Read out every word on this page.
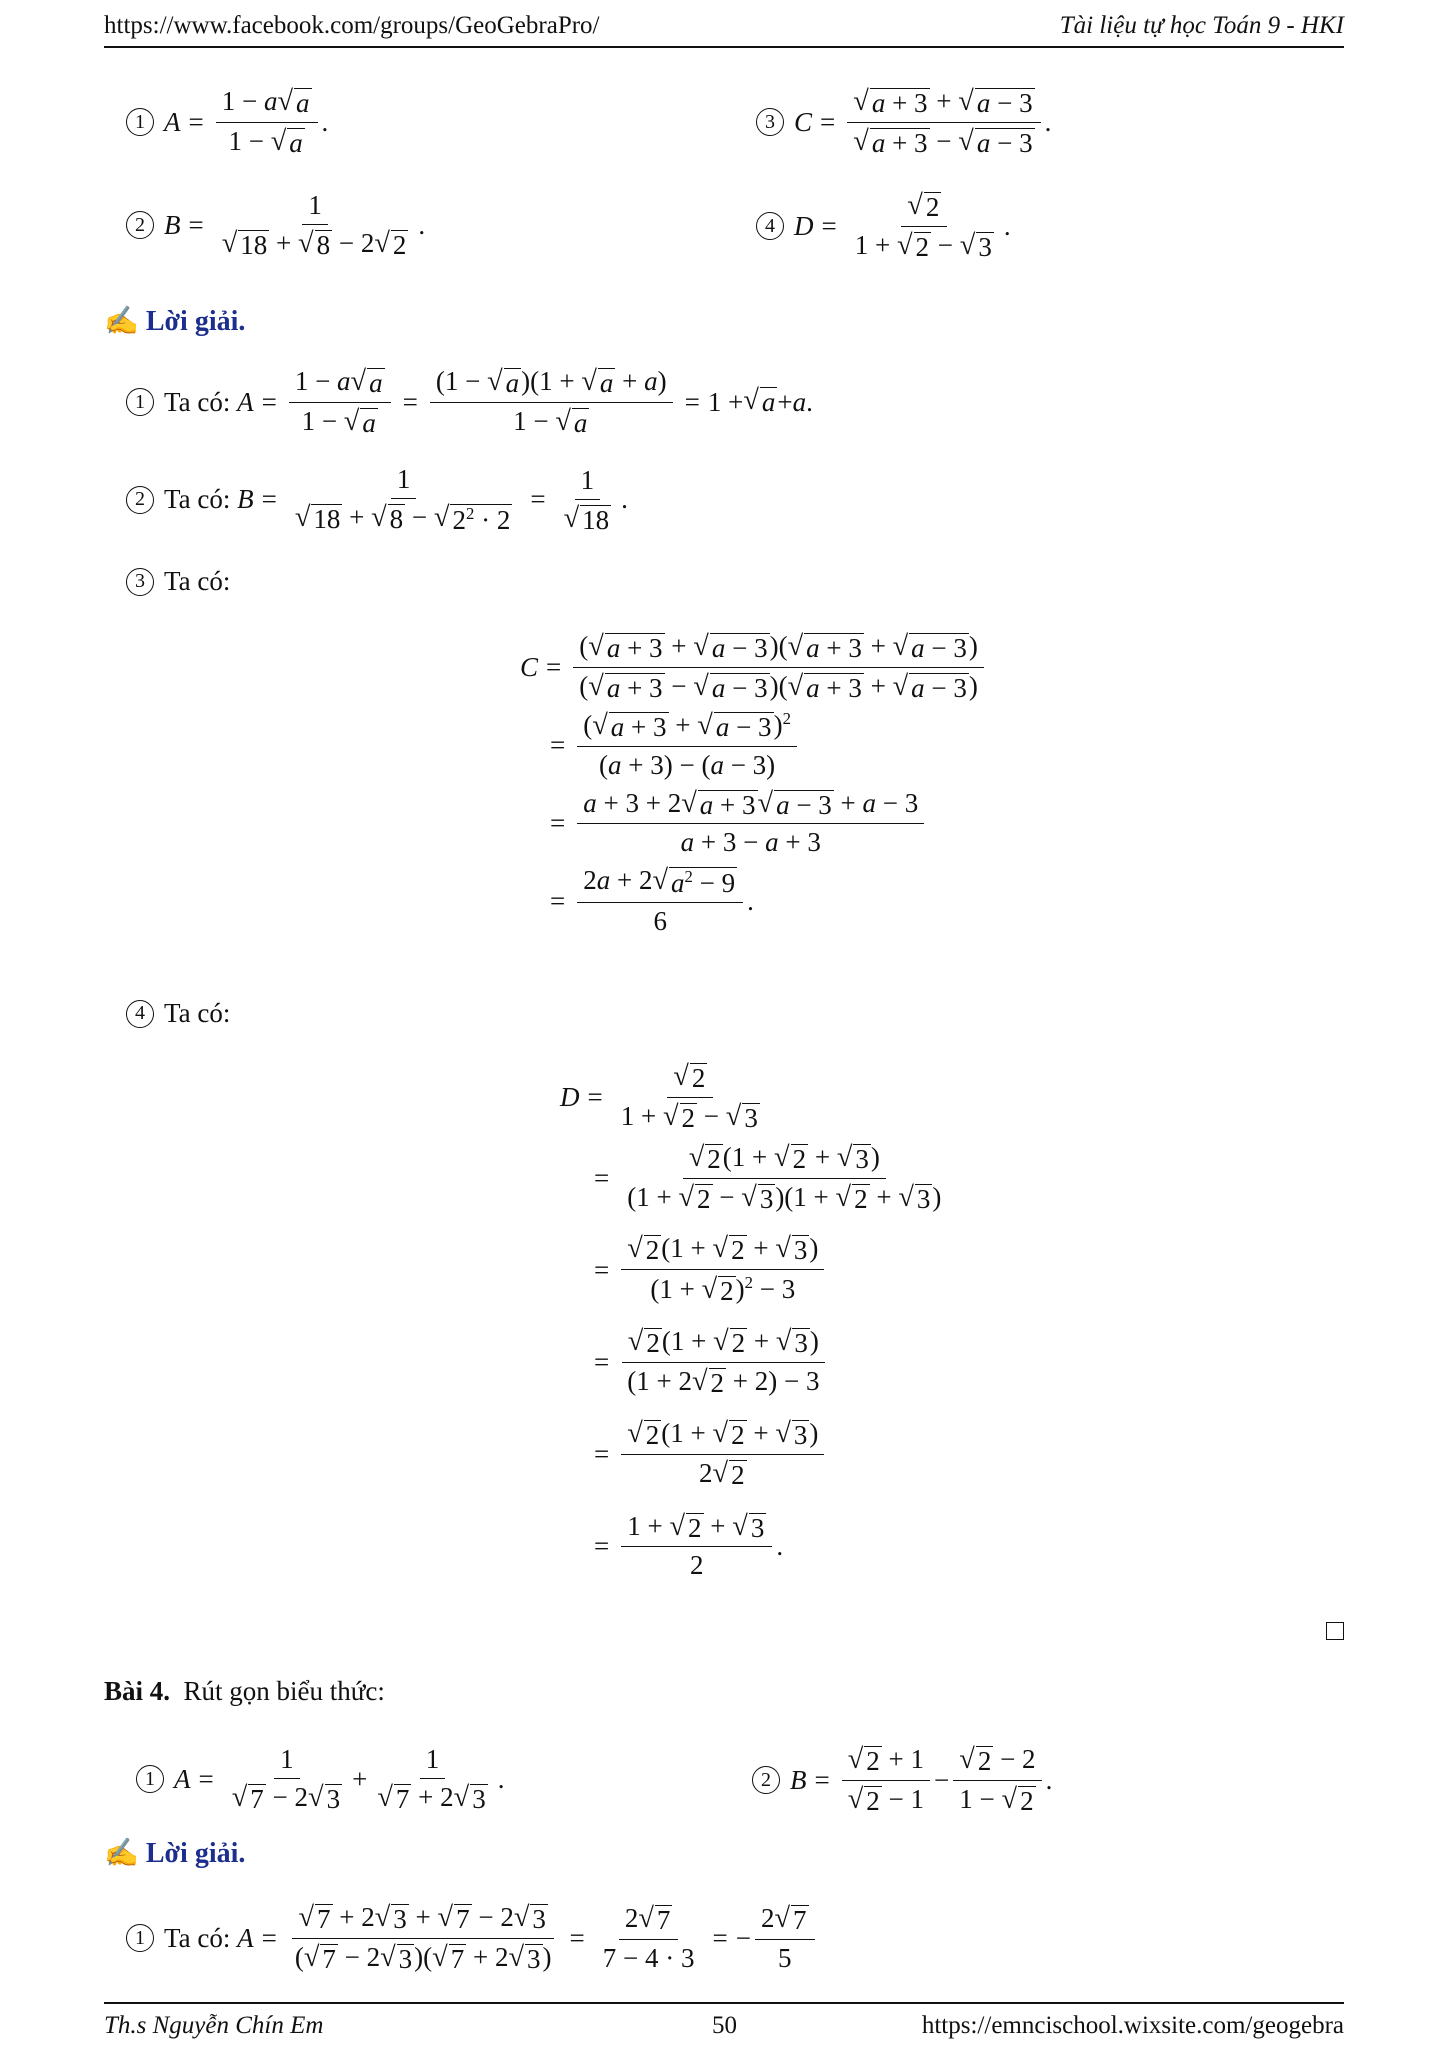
https://www.facebook.com/groups/GeoGebraPro/	Tài liệu tự học Toán 9 - HKI
1 $A = \frac{1 - a √ a}{1 - √ a}$ .
2 $B = \frac{1}{√ 18 + √ 8 - 2 √ 2}$ .
3 $C = \frac{√ a + 3 + √ a - 3}{√ a + 3 - √ a - 3}$ .
4 $D = \frac{√ 2}{1 + √ 2 - √ 3}$ .
✍ Lời giải.
1 Ta có:
$A = \frac{1 - a √ a}{1 - √ a} = \frac{(1 - √ a )(1 + √ a + a)}{1 - √ a} = 1$ + √ a + a .
2 Ta có:
$B = \frac{1}{√ 18 + √ 8 - √ 2^2 \cdot 2} = \frac{1}{√ 18}$ .
3 Ta có:
$C = \frac{( √ a + 3 + √ a - 3 )( √ a + 3 + √ a - 3 )}{( √ a + 3 - √ a - 3 )( √ a + 3 + √ a - 3 )}$
= $\frac{( √ a + 3 + √ a - 3 )^2}{(a + 3) - (a - 3)}$
= $\frac{a + 3 + 2 √ a + 3 √ a - 3 + a - 3}{a + 3 - a + 3}$
= $\frac{2a + 2 √ a^2 - 9}{6}$ .
4 Ta có:
$D = \frac{√ 2}{1 + √ 2 - √ 3}$
= $\frac{√ 2 (1 + √ 2 + √ 3 )}{(1 + √ 2 - √ 3 )(1 + √ 2 + √ 3 )}$
= $\frac{√ 2 (1 + √ 2 + √ 3 )}{(1 + √ 2 )^2 - 3}$
= $\frac{√ 2 (1 + √ 2 + √ 3 )}{(1 + 2 √ 2 + 2) - 3}$
= $\frac{√ 2 (1 + √ 2 + √ 3 )}{2 √ 2}$
= $\frac{1 + √ 2 + √ 3}{2}$ .
Bài 4.
Rút gọn biểu thức:
1 $A = \frac{1}{√ 7 - 2 √ 3} + \frac{1}{√ 7 + 2 √ 3}$ .	2 $B = \frac{√ 2 + 1}{√ 2 - 1} - \frac{√ 2 - 2}{1 - √ 2}$ .
✍ Lời giải.
1 Ta có:
$A = \frac{√ 7 + 2 √ 3 + √ 7 - 2 √ 3}{( √ 7 - 2 √ 3 )( √ 7 + 2 √ 3 )} = \frac{2 √ 7}{7 - 4 \cdot 3}$ = − $\frac{2 √ 7}{5}$
Th.s Nguyễn Chín Em	50	https://emncischool.wixsite.com/geogebra
